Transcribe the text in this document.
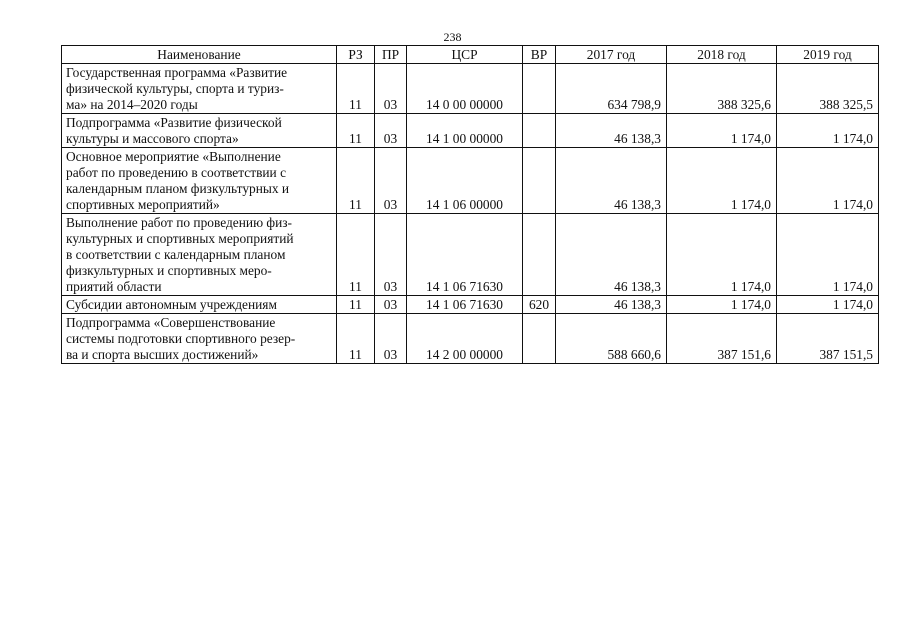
238
Наименование	РЗ	ПР	ЦСР	ВР	2017 год	2018 год	2019 год

Государственная программа «Развитие
физической культуры, спорта и туриз-
ма» на 2014–2020 годы	11	03	14 0 00 00000		634 798,9	388 325,6	388 325,5

Подпрограмма «Развитие физической
культуры и массового спорта»	11	03	14 1 00 00000		46 138,3	1 174,0	1 174,0

Основное мероприятие «Выполнение
работ по проведению в соответствии с
календарным планом физкультурных и
спортивных мероприятий»	11	03	14 1 06 00000		46 138,3	1 174,0	1 174,0

Выполнение работ по проведению физ-
культурных и спортивных мероприятий
в соответствии с календарным планом
физкультурных и спортивных меро-
приятий области	11	03	14 1 06 71630		46 138,3	1 174,0	1 174,0

Субсидии автономным учреждениям	11	03	14 1 06 71630	620	46 138,3	1 174,0	1 174,0

Подпрограмма «Совершенствование
системы подготовки спортивного резер-
ва и спорта высших достижений»	11	03	14 2 00 00000		588 660,6	387 151,6	387 151,5
